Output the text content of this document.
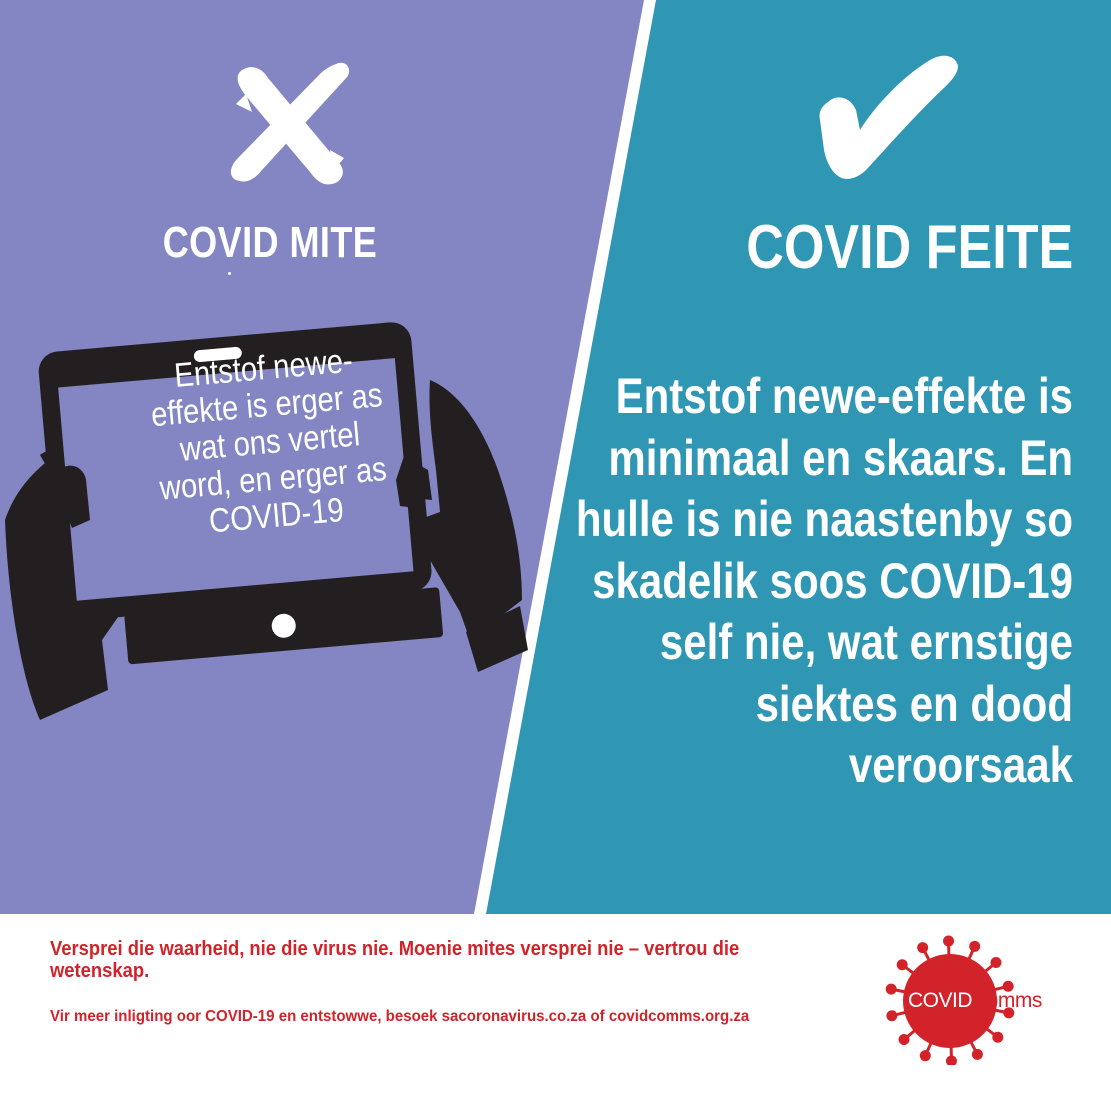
COVID MITE
Entstof newe-effekte is erger as wat ons vertel word, en erger as COVID-19
COVID FEITE
Entstof newe-effekte is minimaal en skaars. En hulle is nie naastenby so skadelik soos COVID-19 self nie, wat ernstige siektes en dood veroorsaak
Versprei die waarheid, nie die virus nie. Moenie mites versprei nie – vertrou die wetenskap.
Vir meer inligting oor COVID-19 en entstowwe, besoek sacoronavirus.co.za of covidcomms.org.za
COVIDComms
